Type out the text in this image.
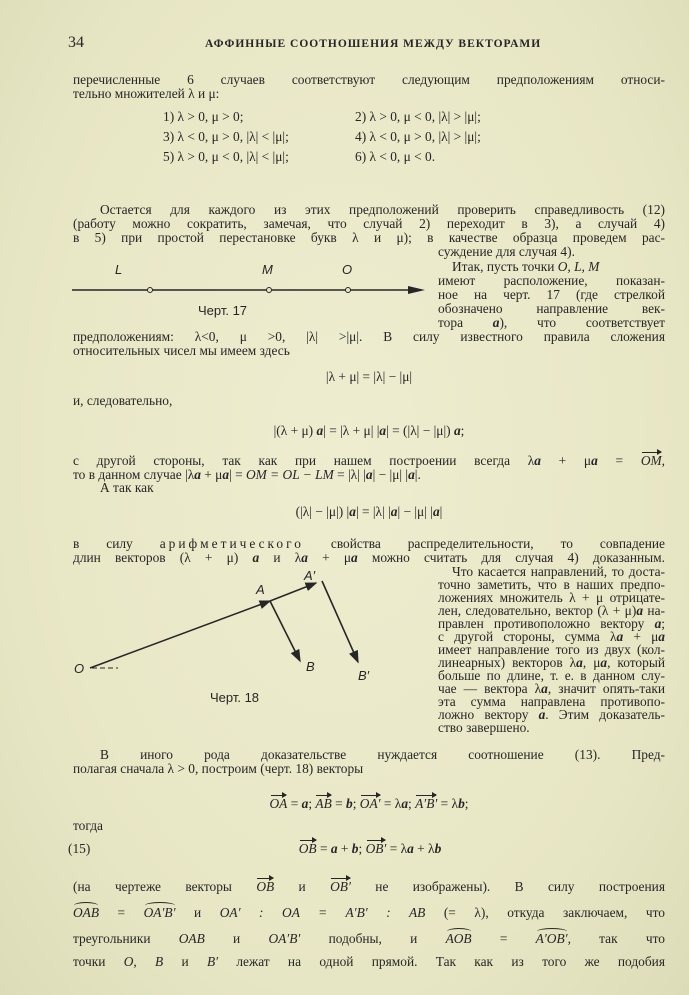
34	АФФИННЫЕ СООТНОШЕНИЯ МЕЖДУ ВЕКТОРАМИ
перечисленные 6 случаев соответствуют следующим предположениям относи-
тельно множителей λ и μ:
1) λ > 0, μ > 0;	2) λ > 0, μ < 0, |λ| > |μ|;
3) λ < 0, μ > 0, |λ| < |μ|;	4) λ < 0, μ > 0, |λ| > |μ|;
5) λ > 0, μ < 0, |λ| < |μ|;	6) λ < 0, μ < 0.
Остается для каждого из этих предположений проверить справедливость (12)
(работу можно сократить, замечая, что случай 2) переходит в 3), а случай 4)
в 5) при простой перестановке букв λ и μ); в качестве образца проведем рас-
суждение для случая 4).
L	M	O
Черт. 17
Итак, пусть точки O, L, M
имеют расположение, показан-
ное на черт. 17 (где стрелкой
обозначено направление век-
тора a), что соответствует
предположениям: λ<0, μ >0, |λ| >|μ|. В силу известного правила сложения
относительных чисел мы имеем здесь
|λ + μ| = |λ| − |μ|
и, следовательно,
|(λ + μ) a| = |λ + μ| |a| = (|λ| − |μ|) a;
с другой стороны, так как при нашем построении всегда λa + μa = OM,
то в данном случае |λa + μa| = OM = OL − LM = |λ| |a| − |μ| |a|.
А так как
(|λ| − |μ|) |a| = |λ| |a| − |μ| |a|
в силу арифметического свойства распределительности, то совпадение
длин векторов (λ + μ) a и λa + μa можно считать для случая 4) доказанным.
Что касается направлений, то доста-
точно заметить, что в наших предпо-
ложениях множитель λ + μ отрицате-
лен, следовательно, вектор (λ + μ)a на-
правлен противоположно вектору a;
с другой стороны, сумма λa + μa
имеет направление того из двух (кол-
линеарных) векторов λa, μa, который
больше по длине, т. е. в данном слу-
чае — вектора λa, значит опять-таки
эта сумма направлена противопо-
ложно вектору a. Этим доказатель-
ство завершено.
O
A
A′
B
B′
Черт. 18
В иного рода доказательстве нуждается соотношение (13). Пред-
полагая сначала λ > 0, построим (черт. 18) векторы
OA = a; AB = b; OA′ = λa; A′B′ = λb;
тогда
(15)	OB = a + b; OB′ = λa + λb
(на чертеже векторы OB и OB′ не изображены). В силу построения
OAB = OA′B′ и OA′ : OA = A′B′ : AB (= λ), откуда заключаем, что
треугольники OAB и OA′B′ подобны, и AOB = A′OB′, так что
точки O, B и B′ лежат на одной прямой. Так как из того же подобия
